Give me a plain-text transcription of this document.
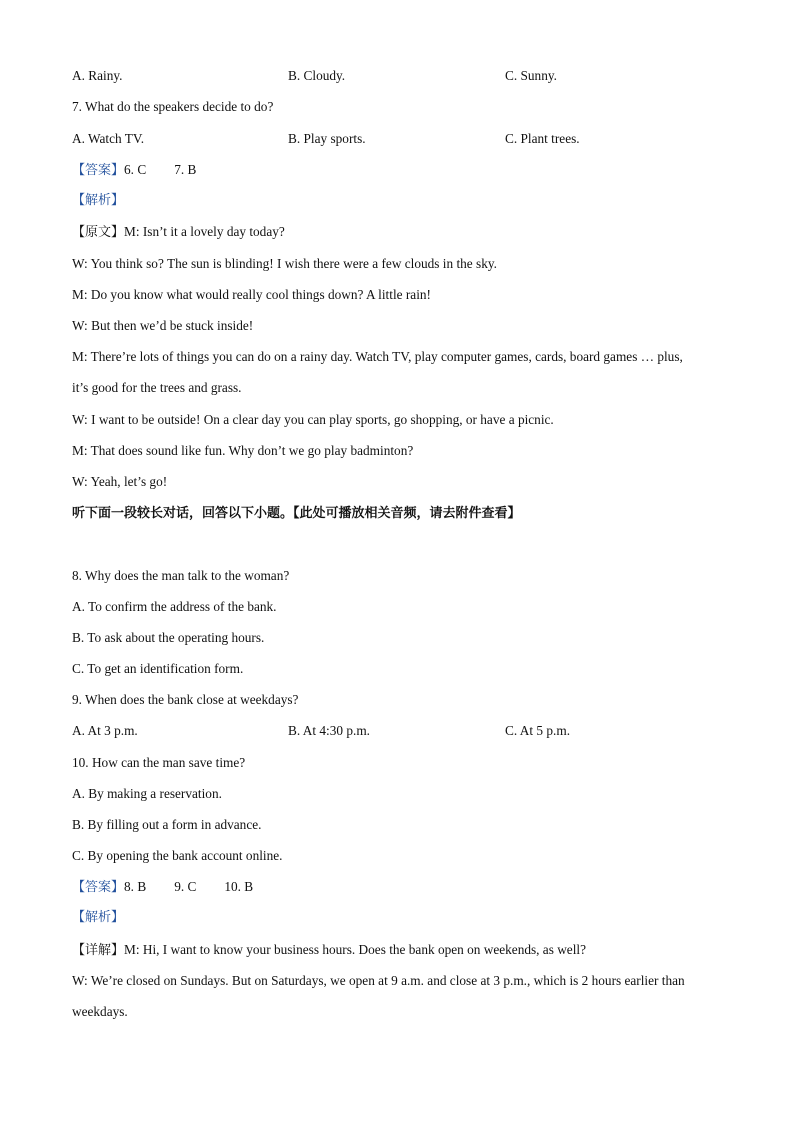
A. Rainy.	B. Cloudy.	C. Sunny.
7. What do the speakers decide to do?
A. Watch TV.	B. Play sports.	C. Plant trees.
【答案】6. C 7. B
【解析】
【原文】M: Isn’t it a lovely day today?
W: You think so? The sun is blinding! I wish there were a few clouds in the sky.
M: Do you know what would really cool things down? A little rain!
W: But then we’d be stuck inside!
M: There’re lots of things you can do on a rainy day. Watch TV, play computer games, cards, board games … plus,
it’s good for the trees and grass.
W: I want to be outside! On a clear day you can play sports, go shopping, or have a picnic.
M: That does sound like fun. Why don’t we go play badminton?
W: Yeah, let’s go!
听下面一段较长对话，回答以下小题。【此处可播放相关音频，请去附件查看】
8. Why does the man talk to the woman?
A. To confirm the address of the bank.
B. To ask about the operating hours.
C. To get an identification form.
9. When does the bank close at weekdays?
A. At 3 p.m.	B. At 4:30 p.m.	C. At 5 p.m.
10. How can the man save time?
A. By making a reservation.
B. By filling out a form in advance.
C. By opening the bank account online.
【答案】8. B 9. C 10. B
【解析】
【详解】M: Hi, I want to know your business hours. Does the bank open on weekends, as well?
W: We’re closed on Sundays. But on Saturdays, we open at 9 a.m. and close at 3 p.m., which is 2 hours earlier than
weekdays.
